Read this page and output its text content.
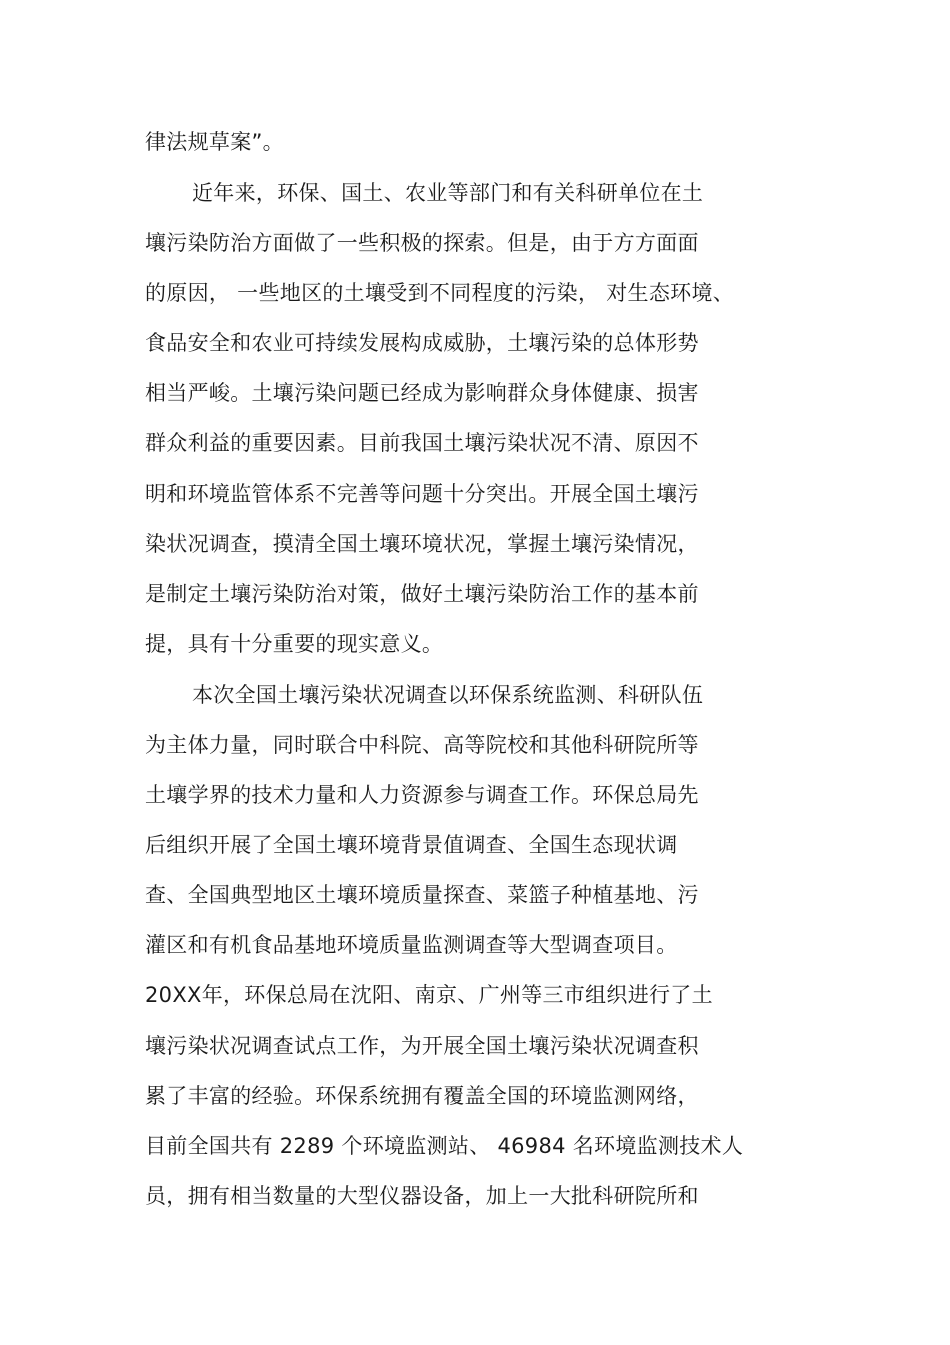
律法规草案”。
近年来，环保、国土、农业等部门和有关科研单位在土
壤污染防治方面做了一些积极的探索。但是，由于方方面面
的原因， 一些地区的土壤受到不同程度的污染， 对生态环境、
食品安全和农业可持续发展构成威胁，土壤污染的总体形势
相当严峻。土壤污染问题已经成为影响群众身体健康、损害
群众利益的重要因素。目前我国土壤污染状况不清、原因不
明和环境监管体系不完善等问题十分突出。开展全国土壤污
染状况调查，摸清全国土壤环境状况，掌握土壤污染情况，
是制定土壤污染防治对策，做好土壤污染防治工作的基本前
提，具有十分重要的现实意义。
本次全国土壤污染状况调查以环保系统监测、科研队伍
为主体力量，同时联合中科院、高等院校和其他科研院所等
土壤学界的技术力量和人力资源参与调查工作。环保总局先
后组织开展了全国土壤环境背景值调查、全国生态现状调
查、全国典型地区土壤环境质量探查、菜篮子种植基地、污
灌区和有机食品基地环境质量监测调查等大型调查项目。
20XX年，环保总局在沈阳、南京、广州等三市组织进行了土
壤污染状况调查试点工作，为开展全国土壤污染状况调查积
累了丰富的经验。环保系统拥有覆盖全国的环境监测网络，
目前全国共有 2289 个环境监测站、 46984 名环境监测技术人
员，拥有相当数量的大型仪器设备，加上一大批科研院所和
